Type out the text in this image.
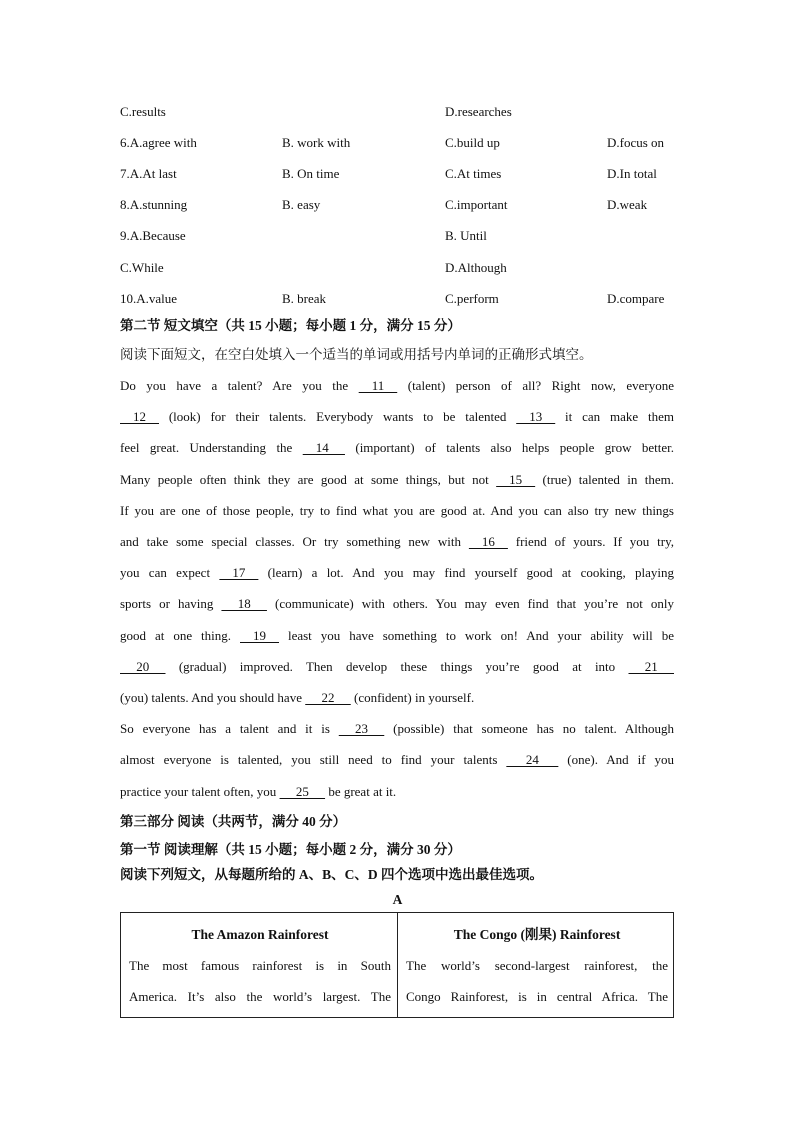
C.results	D.researches
6.A.agree with	B. work with	C.build up	D.focus on
7.A.At last	B. On time	C.At times	D.In total
8.A.stunning	B. easy	C.important	D.weak
9.A.Because	B. Until
C.While	D.Although
10.A.value	B. break	C.perform	D.compare
第二节 短文填空（共 15 小题；每小题 1 分，满分 15 分）
阅读下面短文，在空白处填入一个适当的单词或用括号内单词的正确形式填空。
Do you have a talent? Are you the     11     (talent) person of all? Right now, everyone
12     (look) for their talents. Everybody wants to be talented     13     it can make them
feel great. Understanding the     14      (important) of talents also helps people grow better.
Many people often think they are good at some things, but not     15     (true) talented in them.
If you are one of those people, try to find what you are good at. And you can also try new things
and take some special classes. Or try something new with     16     friend of yours. If you try,
you can expect     17     (learn) a lot. And you may find yourself good at cooking, playing
sports or having      18      (communicate) with others. You may even find that you’re not only
good at one thing.     19     least you have something to work on! And your ability will be
20      (gradual) improved. Then develop these things you’re good at into      21
(you) talents. And you should have      22      (confident) in yourself.
So everyone has a talent and it is      23      (possible) that someone has no talent. Although
almost everyone is talented, you still need to find your talents       24       (one). And if you
practice your talent often, you      25      be great at it.
第三部分 阅读（共两节，满分 40 分）
第一节 阅读理解（共 15 小题；每小题 2 分，满分 30 分）
阅读下列短文，从每题所给的 A、B、C、D 四个选项中选出最佳选项。
A
The Amazon Rainforest
The most famous rainforest is in South
America. It’s also the world’s largest. The
The Congo (刚果) Rainforest
The world’s second-largest rainforest, the
Congo Rainforest, is in central Africa. The
